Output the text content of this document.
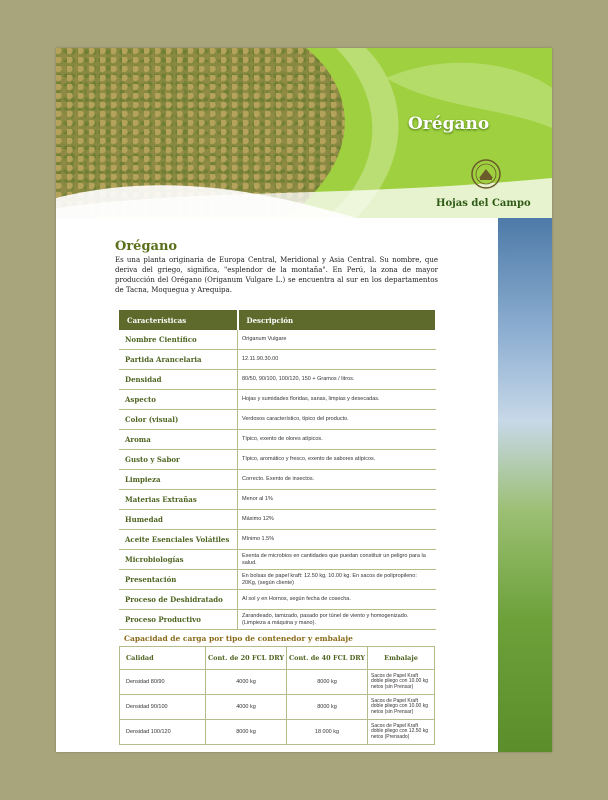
Orégano
Hojas del Campo
Orégano

Es una planta originaria de Europa Central, Meridional y Asia Central. Su nombre, que deriva del griego, significa, "esplendor de la montaña". En Perú, la zona de mayor producción del Orégano (Origanum Vulgare L.) se encuentra al sur en los departamentos de Tacna, Moquegua y Arequipa.

Características	Descripción
Nombre Científico	Origanum Vulgare
Partida Arancelaria	12.11.90.30.00
Densidad	80/50, 90/100, 100/120, 150 + Gramos / litros.
Aspecto	Hojas y sumidades floridas, sanas, limpias y desecadas.
Color (visual)	Verdosos característico, típico del producto.
Aroma	Típico, exento de olores atípicos.
Gusto y Sabor	Típico, aromático y fresco, exento de sabores atípicos.
Limpieza	Correcto. Exento de insectos.
Materias Extrañas	Menor al 1%
Humedad	Máximo 12%
Aceite Esenciales Volátiles	Mínimo 1.5%
Microbiologías	Exenta de microbios en cantidades que puedan constituir un peligro para la salud.
Presentación	En bolsas de papel kraft: 12.50 kg, 10.00 kg. En sacos de polipropileno: 20Kg, (según cliente)
Proceso de Deshidratado	Al sol y en Hornos, según fecha de cosecha.
Proceso Productivo	Zarandeado, tamizado, pasado por túnel de viento y homogenizado. (Limpieza a máquina y mano).
Capacidad de carga por tipo de contenedor y embalaje
Calidad	Cont. de 20 FCL DRY	Cont. de 40 FCL DRY	Embalaje
Densidad 80/90	4000 kg	8000 kg	Sacos de Papel Kraft doble pliego con 10.00 kg netos (sin Prensar)
Densidad 90/100	4000 kg	8000 kg	Sacos de Papel Kraft doble pliego con 10.00 kg netos (sin Prensar)
Densidad 100/120	8000 kg	18 000 kg	Sacos de Papel Kraft doble pliego con 12.50 kg netos (Prensado)
